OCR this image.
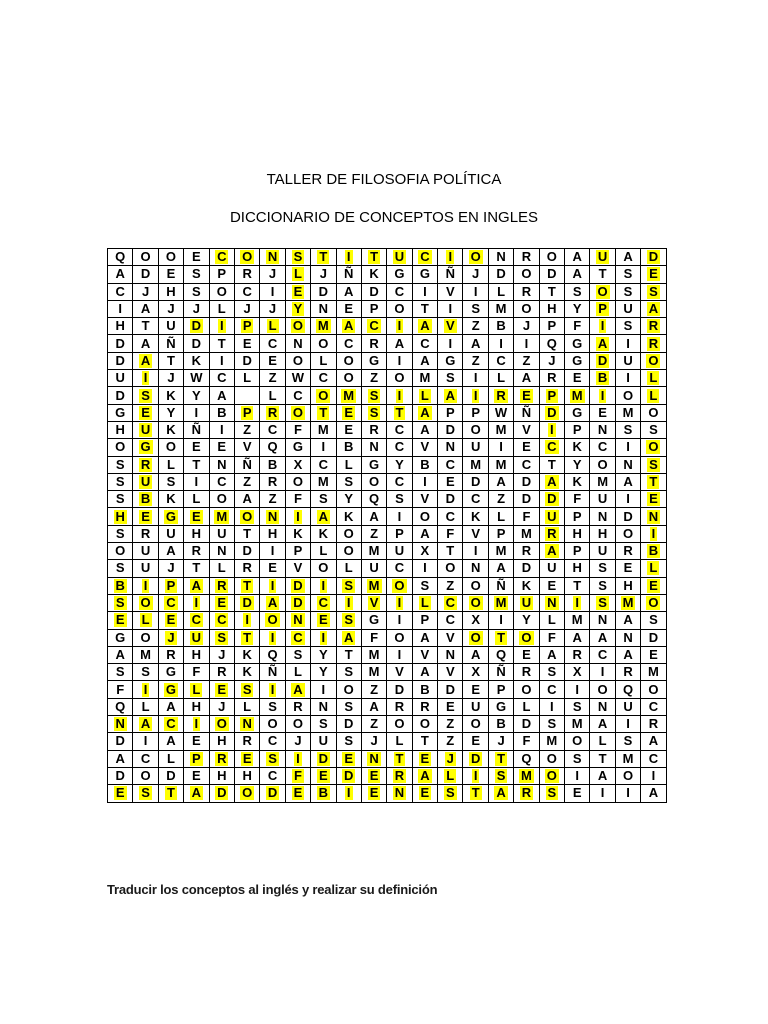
TALLER DE FILOSOFIA POLÍTICA
DICCIONARIO DE CONCEPTOS EN INGLES
Q	O	O	E	C	O	N	S	T	I	T	U	C	I	O	N	R	O	A	U	A	D
A	D	E	S	P	R	J	L	J	Ñ	K	G	G	Ñ	J	D	O	D	A	T	S	E
C	J	H	S	O	C	I	E	D	A	D	C	I	V	I	L	R	T	S	O	S	S
I	A	J	J	L	J	J	Y	N	E	P	O	T	I	S	M	O	H	Y	P	U	A
H	T	U	D	I	P	L	O	M	A	C	I	A	V	Z	B	J	P	F	I	S	R
D	A	Ñ	D	T	E	C	N	O	C	R	A	C	I	A	I	I	Q	G	A	I	R
D	A	T	K	I	D	E	O	L	O	G	I	A	G	Z	C	Z	J	G	D	U	O
U	I	J	W	C	L	Z	W	C	O	Z	O	M	S	I	L	A	R	E	B	I	L
D	S	K	Y	A		L	C	O	M	S	I	L	A	I	R	E	P	M	I	O	L
G	E	Y	I	B	P	R	O	T	E	S	T	A	P	P	W	Ñ	D	G	E	M	O
H	U	K	Ñ	I	Z	C	F	M	E	R	C	A	D	O	M	V	I	P	N	S	S
O	G	O	E	E	V	Q	G	I	B	N	C	V	N	U	I	E	C	K	C	I	O
S	R	L	T	N	Ñ	B	X	C	L	G	Y	B	C	M	M	C	T	Y	O	N	S
S	U	S	I	C	Z	R	O	M	S	O	C	I	E	D	A	D	A	K	M	A	T
S	B	K	L	O	A	Z	F	S	Y	Q	S	V	D	C	Z	D	D	F	U	I	E
H	E	G	E	M	O	N	I	A	K	A	I	O	C	K	L	F	U	P	N	D	N
S	R	U	H	U	T	H	K	K	O	Z	P	A	F	V	P	M	R	H	H	O	I
O	U	A	R	N	D	I	P	L	O	M	U	X	T	I	M	R	A	P	U	R	B
S	U	J	T	L	R	E	V	O	L	U	C	I	O	N	A	D	U	H	S	E	L
B	I	P	A	R	T	I	D	I	S	M	O	S	Z	O	Ñ	K	E	T	S	H	E
S	O	C	I	E	D	A	D	C	I	V	I	L	C	O	M	U	N	I	S	M	O
E	L	E	C	C	I	O	N	E	S	G	I	P	C	X	I	Y	L	M	N	A	S
G	O	J	U	S	T	I	C	I	A	F	O	A	V	O	T	O	F	A	A	N	D
A	M	R	H	J	K	Q	S	Y	T	M	I	V	N	A	Q	E	A	R	C	A	E
S	S	G	F	R	K	Ñ	L	Y	S	M	V	A	V	X	Ñ	R	S	X	I	R	M
F	I	G	L	E	S	I	A	I	O	Z	D	B	D	E	P	O	C	I	O	Q	O
Q	L	A	H	J	L	S	R	N	S	A	R	R	E	U	G	L	I	S	N	U	C
N	A	C	I	O	N	O	O	S	D	Z	O	O	Z	O	B	D	S	M	A	I	R
D	I	A	E	H	R	C	J	U	S	J	L	T	Z	E	J	F	M	O	L	S	A
A	C	L	P	R	E	S	I	D	E	N	T	E	J	D	T	Q	O	S	T	M	C
D	O	D	E	H	H	C	F	E	D	E	R	A	L	I	S	M	O	I	A	O	I
E	S	T	A	D	O	D	E	B	I	E	N	E	S	T	A	R	S	E	I	I	A

Traducir los conceptos al inglés y realizar su definición
